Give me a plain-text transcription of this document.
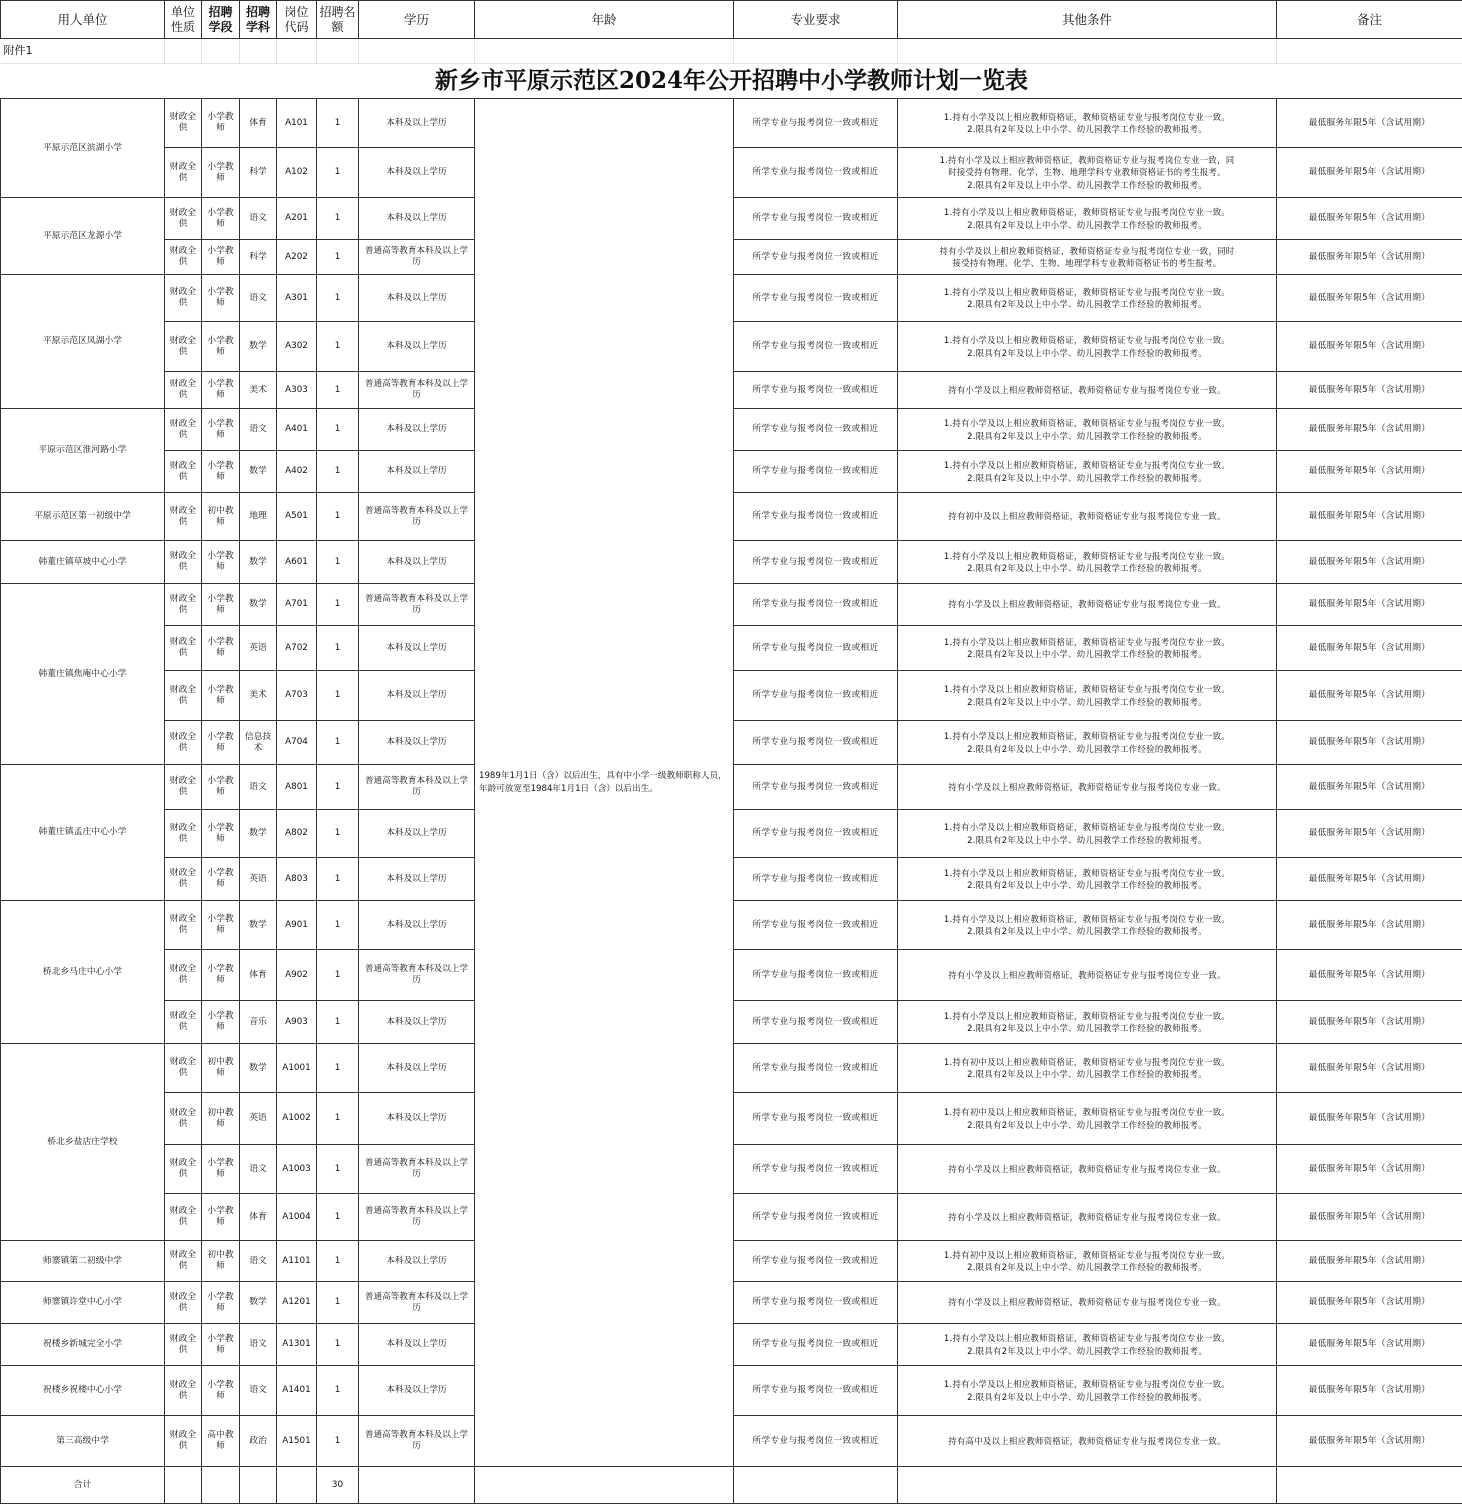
附件1										
新乡市平原示范区2024年公开招聘中小学教师计划一览表										
用人单位	单位性质	招聘学段	招聘学科	岗位代码	招聘名额	学历	年龄	专业要求	其他条件	备注
平原示范区滨湖小学	财政全供	小学教师	体育	A101	1	本科及以上学历	1989年1月1日（含）以后出生，具有中小学一级教师职称人员，年龄可放宽至1984年1月1日（含）以后出生。	所学专业与报考岗位一致或相近	1.持有小学及以上相应教师资格证，教师资格证专业与报考岗位专业一致。
2.限具有2年及以上中小学、幼儿园教学工作经验的教师报考。	最低服务年限5年（含试用期）
	财政全供	小学教师	科学	A102	1	本科及以上学历		所学专业与报考岗位一致或相近	1.持有小学及以上相应教师资格证，教师资格证专业与报考岗位专业一致，同
时接受持有物理、化学、生物、地理学科专业教师资格证书的考生报考。
2.限具有2年及以上中小学、幼儿园教学工作经验的教师报考。	最低服务年限5年（含试用期）
平原示范区龙源小学	财政全供	小学教师	语文	A201	1	本科及以上学历		所学专业与报考岗位一致或相近	1.持有小学及以上相应教师资格证，教师资格证专业与报考岗位专业一致。
2.限具有2年及以上中小学、幼儿园教学工作经验的教师报考。	最低服务年限5年（含试用期）
	财政全供	小学教师	科学	A202	1	普通高等教育本科及以上学历		所学专业与报考岗位一致或相近	持有小学及以上相应教师资格证，教师资格证专业与报考岗位专业一致，同时
接受持有物理、化学、生物、地理学科专业教师资格证书的考生报考。	最低服务年限5年（含试用期）
平原示范区凤湖小学	财政全供	小学教师	语文	A301	1	本科及以上学历		所学专业与报考岗位一致或相近	1.持有小学及以上相应教师资格证，教师资格证专业与报考岗位专业一致。
2.限具有2年及以上中小学、幼儿园教学工作经验的教师报考。	最低服务年限5年（含试用期）
	财政全供	小学教师	数学	A302	1	本科及以上学历		所学专业与报考岗位一致或相近	1.持有小学及以上相应教师资格证，教师资格证专业与报考岗位专业一致。
2.限具有2年及以上中小学、幼儿园教学工作经验的教师报考。	最低服务年限5年（含试用期）
	财政全供	小学教师	美术	A303	1	普通高等教育本科及以上学历		所学专业与报考岗位一致或相近	持有小学及以上相应教师资格证，教师资格证专业与报考岗位专业一致。	最低服务年限5年（含试用期）
平原示范区淮河路小学	财政全供	小学教师	语文	A401	1	本科及以上学历		所学专业与报考岗位一致或相近	1.持有小学及以上相应教师资格证，教师资格证专业与报考岗位专业一致。
2.限具有2年及以上中小学、幼儿园教学工作经验的教师报考。	最低服务年限5年（含试用期）
	财政全供	小学教师	数学	A402	1	本科及以上学历		所学专业与报考岗位一致或相近	1.持有小学及以上相应教师资格证，教师资格证专业与报考岗位专业一致。
2.限具有2年及以上中小学、幼儿园教学工作经验的教师报考。	最低服务年限5年（含试用期）
平原示范区第一初级中学	财政全供	初中教师	地理	A501	1	普通高等教育本科及以上学历		所学专业与报考岗位一致或相近	持有初中及以上相应教师资格证，教师资格证专业与报考岗位专业一致。	最低服务年限5年（含试用期）
韩董庄镇草坡中心小学	财政全供	小学教师	数学	A601	1	本科及以上学历		所学专业与报考岗位一致或相近	1.持有小学及以上相应教师资格证，教师资格证专业与报考岗位专业一致。
2.限具有2年及以上中小学、幼儿园教学工作经验的教师报考。	最低服务年限5年（含试用期）
韩董庄镇焦庵中心小学	财政全供	小学教师	数学	A701	1	普通高等教育本科及以上学历		所学专业与报考岗位一致或相近	持有小学及以上相应教师资格证，教师资格证专业与报考岗位专业一致。	最低服务年限5年（含试用期）
	财政全供	小学教师	英语	A702	1	本科及以上学历		所学专业与报考岗位一致或相近	1.持有小学及以上相应教师资格证，教师资格证专业与报考岗位专业一致。
2.限具有2年及以上中小学、幼儿园教学工作经验的教师报考。	最低服务年限5年（含试用期）
	财政全供	小学教师	美术	A703	1	本科及以上学历		所学专业与报考岗位一致或相近	1.持有小学及以上相应教师资格证，教师资格证专业与报考岗位专业一致。
2.限具有2年及以上中小学、幼儿园教学工作经验的教师报考。	最低服务年限5年（含试用期）
	财政全供	小学教师	信息技术	A704	1	本科及以上学历		所学专业与报考岗位一致或相近	1.持有小学及以上相应教师资格证，教师资格证专业与报考岗位专业一致。
2.限具有2年及以上中小学、幼儿园教学工作经验的教师报考。	最低服务年限5年（含试用期）
韩董庄镇孟庄中心小学	财政全供	小学教师	语文	A801	1	普通高等教育本科及以上学历		所学专业与报考岗位一致或相近	持有小学及以上相应教师资格证，教师资格证专业与报考岗位专业一致。	最低服务年限5年（含试用期）
	财政全供	小学教师	数学	A802	1	本科及以上学历		所学专业与报考岗位一致或相近	1.持有小学及以上相应教师资格证，教师资格证专业与报考岗位专业一致。
2.限具有2年及以上中小学、幼儿园教学工作经验的教师报考。	最低服务年限5年（含试用期）
	财政全供	小学教师	英语	A803	1	本科及以上学历		所学专业与报考岗位一致或相近	1.持有小学及以上相应教师资格证，教师资格证专业与报考岗位专业一致。
2.限具有2年及以上中小学、幼儿园教学工作经验的教师报考。	最低服务年限5年（含试用期）
桥北乡马庄中心小学	财政全供	小学教师	数学	A901	1	本科及以上学历		所学专业与报考岗位一致或相近	1.持有小学及以上相应教师资格证，教师资格证专业与报考岗位专业一致。
2.限具有2年及以上中小学、幼儿园教学工作经验的教师报考。	最低服务年限5年（含试用期）
	财政全供	小学教师	体育	A902	1	普通高等教育本科及以上学历		所学专业与报考岗位一致或相近	持有小学及以上相应教师资格证，教师资格证专业与报考岗位专业一致。	最低服务年限5年（含试用期）
	财政全供	小学教师	音乐	A903	1	本科及以上学历		所学专业与报考岗位一致或相近	1.持有小学及以上相应教师资格证，教师资格证专业与报考岗位专业一致。
2.限具有2年及以上中小学、幼儿园教学工作经验的教师报考。	最低服务年限5年（含试用期）
桥北乡盐店庄学校	财政全供	初中教师	数学	A1001	1	本科及以上学历		所学专业与报考岗位一致或相近	1.持有初中及以上相应教师资格证，教师资格证专业与报考岗位专业一致。
2.限具有2年及以上中小学、幼儿园教学工作经验的教师报考。	最低服务年限5年（含试用期）
	财政全供	初中教师	英语	A1002	1	本科及以上学历		所学专业与报考岗位一致或相近	1.持有初中及以上相应教师资格证，教师资格证专业与报考岗位专业一致。
2.限具有2年及以上中小学、幼儿园教学工作经验的教师报考。	最低服务年限5年（含试用期）
	财政全供	小学教师	语文	A1003	1	普通高等教育本科及以上学历		所学专业与报考岗位一致或相近	持有小学及以上相应教师资格证，教师资格证专业与报考岗位专业一致。	最低服务年限5年（含试用期）
	财政全供	小学教师	体育	A1004	1	普通高等教育本科及以上学历		所学专业与报考岗位一致或相近	持有小学及以上相应教师资格证，教师资格证专业与报考岗位专业一致。	最低服务年限5年（含试用期）
师寨镇第二初级中学	财政全供	初中教师	语文	A1101	1	本科及以上学历		所学专业与报考岗位一致或相近	1.持有初中及以上相应教师资格证，教师资格证专业与报考岗位专业一致。
2.限具有2年及以上中小学、幼儿园教学工作经验的教师报考。	最低服务年限5年（含试用期）
师寨镇许堂中心小学	财政全供	小学教师	数学	A1201	1	普通高等教育本科及以上学历		所学专业与报考岗位一致或相近	持有小学及以上相应教师资格证，教师资格证专业与报考岗位专业一致。	最低服务年限5年（含试用期）
祝楼乡新城完全小学	财政全供	小学教师	语文	A1301	1	本科及以上学历		所学专业与报考岗位一致或相近	1.持有小学及以上相应教师资格证，教师资格证专业与报考岗位专业一致。
2.限具有2年及以上中小学、幼儿园教学工作经验的教师报考。	最低服务年限5年（含试用期）
祝楼乡祝楼中心小学	财政全供	小学教师	语文	A1401	1	本科及以上学历		所学专业与报考岗位一致或相近	1.持有小学及以上相应教师资格证，教师资格证专业与报考岗位专业一致。
2.限具有2年及以上中小学、幼儿园教学工作经验的教师报考。	最低服务年限5年（含试用期）
第三高级中学	财政全供	高中教师	政治	A1501	1	普通高等教育本科及以上学历		所学专业与报考岗位一致或相近	持有高中及以上相应教师资格证，教师资格证专业与报考岗位专业一致。	最低服务年限5年（含试用期）
合计					30					
